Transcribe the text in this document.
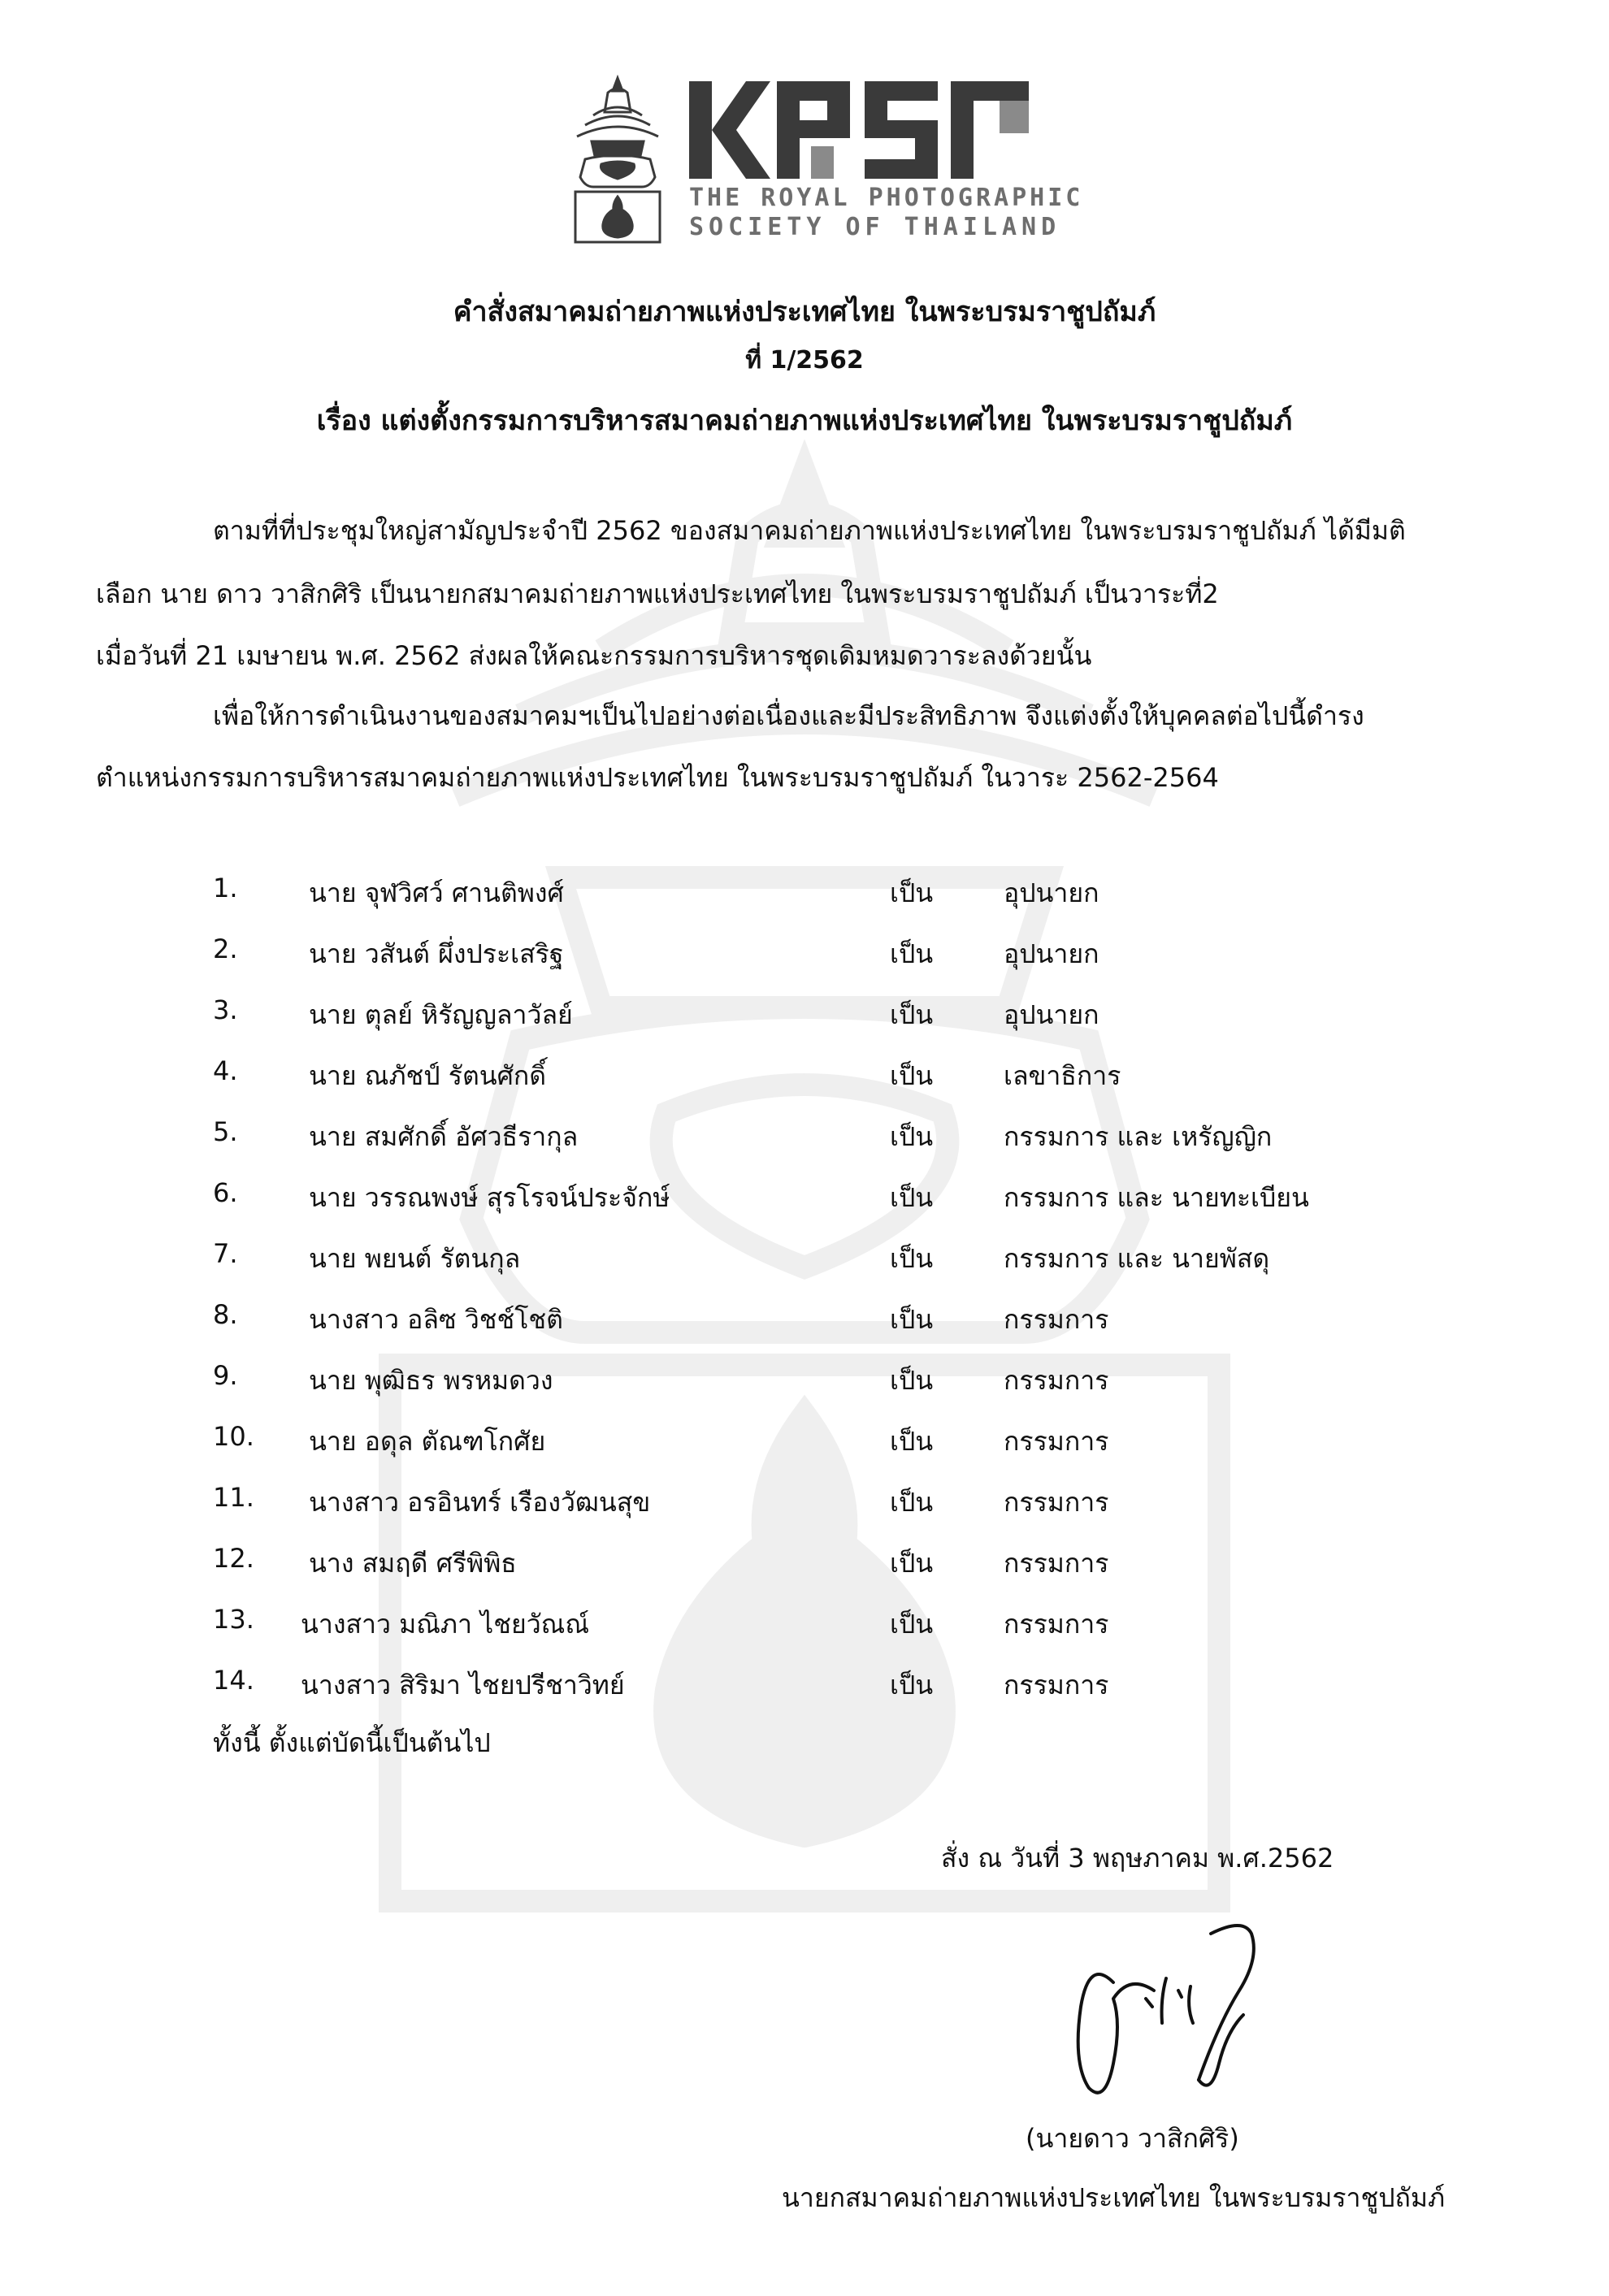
THE ROYAL PHOTOGRAPHIC
SOCIETY OF THAILAND
คำสั่งสมาคมถ่ายภาพแห่งประเทศไทย ในพระบรมราชูปถัมภ์
ที่ 1/2562
เรื่อง แต่งตั้งกรรมการบริหารสมาคมถ่ายภาพแห่งประเทศไทย ในพระบรมราชูปถัมภ์
ตามที่ที่ประชุมใหญ่สามัญประจำปี 2562 ของสมาคมถ่ายภาพแห่งประเทศไทย ในพระบรมราชูปถัมภ์ ได้มีมติ
เลือก นาย ดาว วาสิกศิริ เป็นนายกสมาคมถ่ายภาพแห่งประเทศไทย ในพระบรมราชูปถัมภ์ เป็นวาระที่2
เมื่อวันที่ 21 เมษายน พ.ศ. 2562 ส่งผลให้คณะกรรมการบริหารชุดเดิมหมดวาระลงด้วยนั้น
เพื่อให้การดำเนินงานของสมาคมฯเป็นไปอย่างต่อเนื่องและมีประสิทธิภาพ จึงแต่งตั้งให้บุคคลต่อไปนี้ดำรง
ตำแหน่งกรรมการบริหารสมาคมถ่ายภาพแห่งประเทศไทย ในพระบรมราชูปถัมภ์ ในวาระ 2562-2564
1.	นาย จุฬวิศว์ ศานติพงศ์	เป็น	อุปนายก
2.	นาย วสันต์ ผึ่งประเสริฐ	เป็น	อุปนายก
3.	นาย ตุลย์ หิรัญญลาวัลย์	เป็น	อุปนายก
4.	นาย ณภัชป์ รัตนศักดิ์	เป็น	เลขาธิการ
5.	นาย สมศักดิ์ อัศวธีรากุล	เป็น	กรรมการ และ เหรัญญิก
6.	นาย วรรณพงษ์ สุรโรจน์ประจักษ์	เป็น	กรรมการ และ นายทะเบียน
7.	นาย พยนต์ รัตนกุล	เป็น	กรรมการ และ นายพัสดุ
8.	นางสาว อลิซ วิชช์โชติ	เป็น	กรรมการ
9.	นาย พุฒิธร พรหมดวง	เป็น	กรรมการ
10. นาย อดุล ตัณฑโกศัย	เป็น	กรรมการ
11. นางสาว อรอินทร์ เรืองวัฒนสุข	เป็น	กรรมการ
12. นาง สมฤดี ศรีพิพิธ	เป็น	กรรมการ
13. นางสาว มณิภา ไชยวัณณ์	เป็น	กรรมการ
14. นางสาว สิริมา ไชยปรีชาวิทย์	เป็น	กรรมการ
ทั้งนี้ ตั้งแต่บัดนี้เป็นต้นไป
สั่ง ณ วันที่ 3 พฤษภาคม พ.ศ.2562
(นายดาว วาสิกศิริ)
นายกสมาคมถ่ายภาพแห่งประเทศไทย ในพระบรมราชูปถัมภ์
